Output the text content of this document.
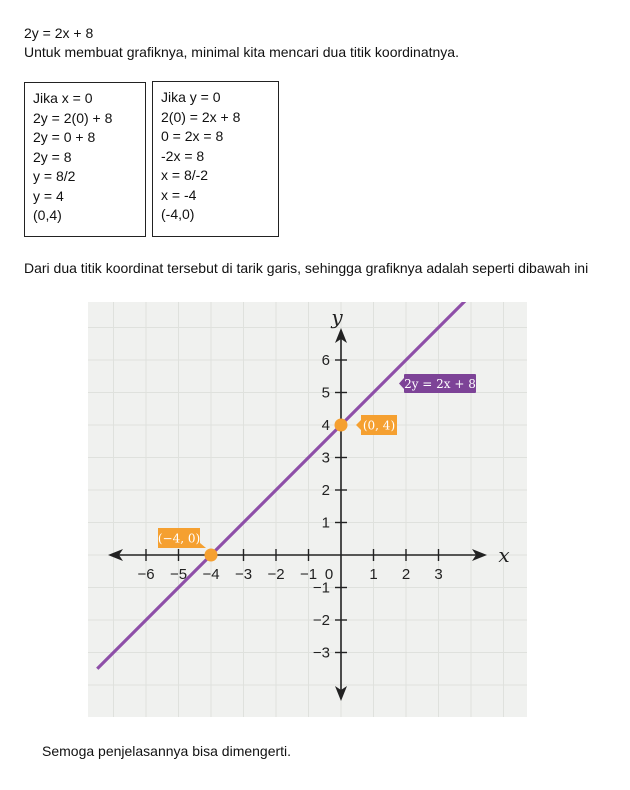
2y = 2x + 8
Untuk membuat grafiknya, minimal kita mencari dua titik koordinatnya.
Jika x = 0
2y = 2(0) + 8
2y = 0 + 8
2y = 8
y = 8/2
y = 4
(0,4)
Jika y = 0
2(0) = 2x + 8
0 = 2x = 8
-2x = 8
x = 8/-2
x = -4
(-4,0)
Dari dua titik koordinat tersebut di tarik garis, sehingga grafiknya adalah seperti dibawah ini
x
y
2y = 2x + 8
−6 −5 −4 −3 −2 −1	1 2 3
6
5
4
3
2
1
−1
−2
−3
0
(0, 4)
(−4, 0)
Semoga penjelasannya bisa dimengerti.
